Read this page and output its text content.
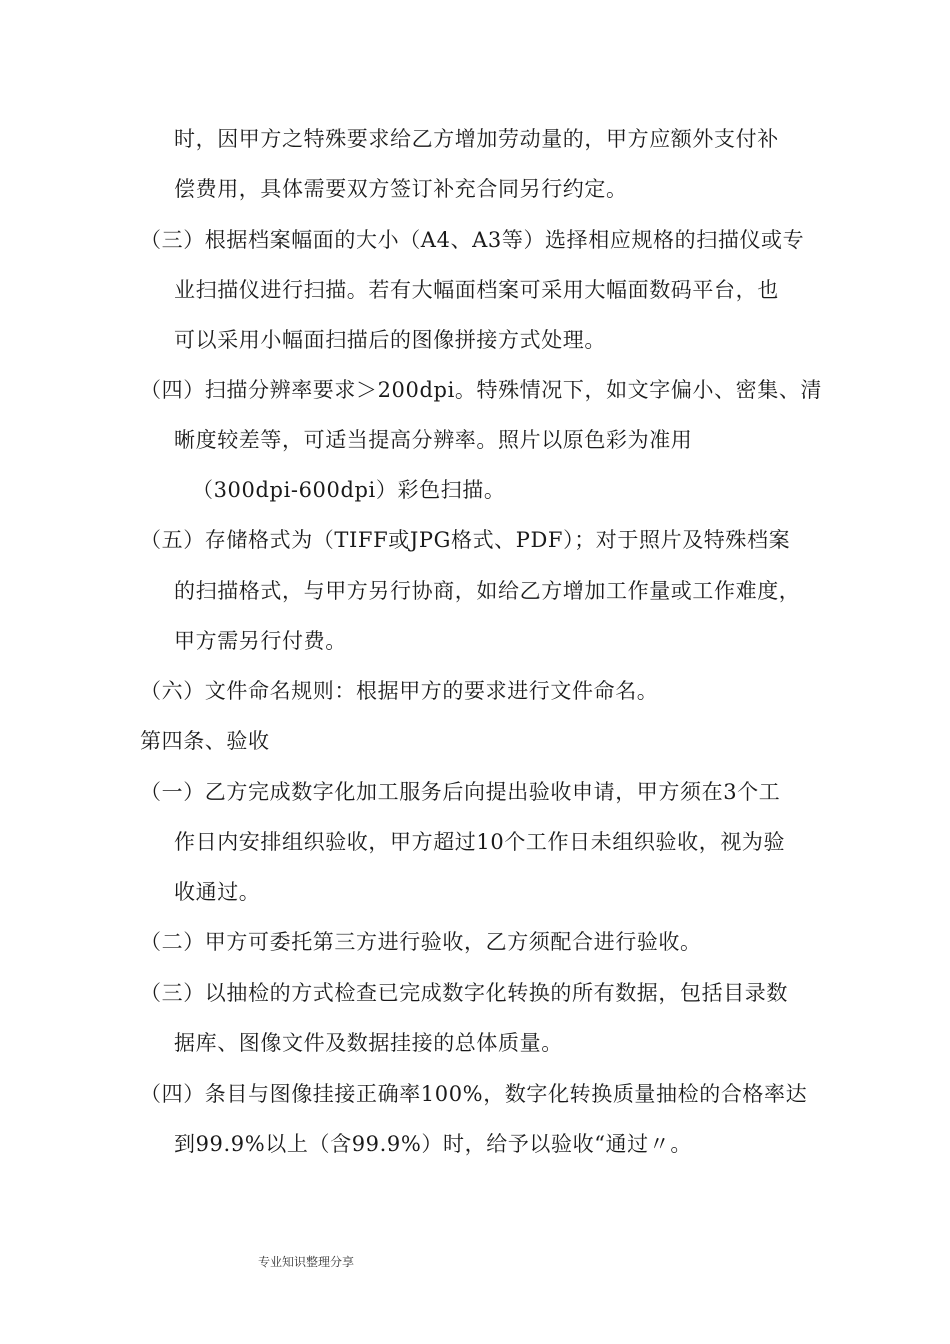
时，因甲方之特殊要求给乙方增加劳动量的，甲方应额外支付补
偿费用，具体需要双方签订补充合同另行约定。
（三）根据档案幅面的大小（A4、A3等）选择相应规格的扫描仪或专
业扫描仪进行扫描。若有大幅面档案可采用大幅面数码平台，也
可以采用小幅面扫描后的图像拼接方式处理。
（四）扫描分辨率要求＞200dpi。特殊情况下，如文字偏小、密集、清
晰度较差等，可适当提高分辨率。照片以原色彩为准用
（300dpi-600dpi）彩色扫描。
（五）存储格式为（TIFF或JPG格式、PDF）；对于照片及特殊档案
的扫描格式，与甲方另行协商，如给乙方增加工作量或工作难度，
甲方需另行付费。
（六）文件命名规则：根据甲方的要求进行文件命名。
第四条、验收
（一）乙方完成数字化加工服务后向提出验收申请，甲方须在3个工
作日内安排组织验收，甲方超过10个工作日未组织验收，视为验
收通过。
（二）甲方可委托第三方进行验收，乙方须配合进行验收。
（三）以抽检的方式检查已完成数字化转换的所有数据，包括目录数
据库、图像文件及数据挂接的总体质量。
（四）条目与图像挂接正确率100%，数字化转换质量抽检的合格率达
到99.9%以上（含99.9%）时，给予以验收“通过〃。
专业知识整理分享
